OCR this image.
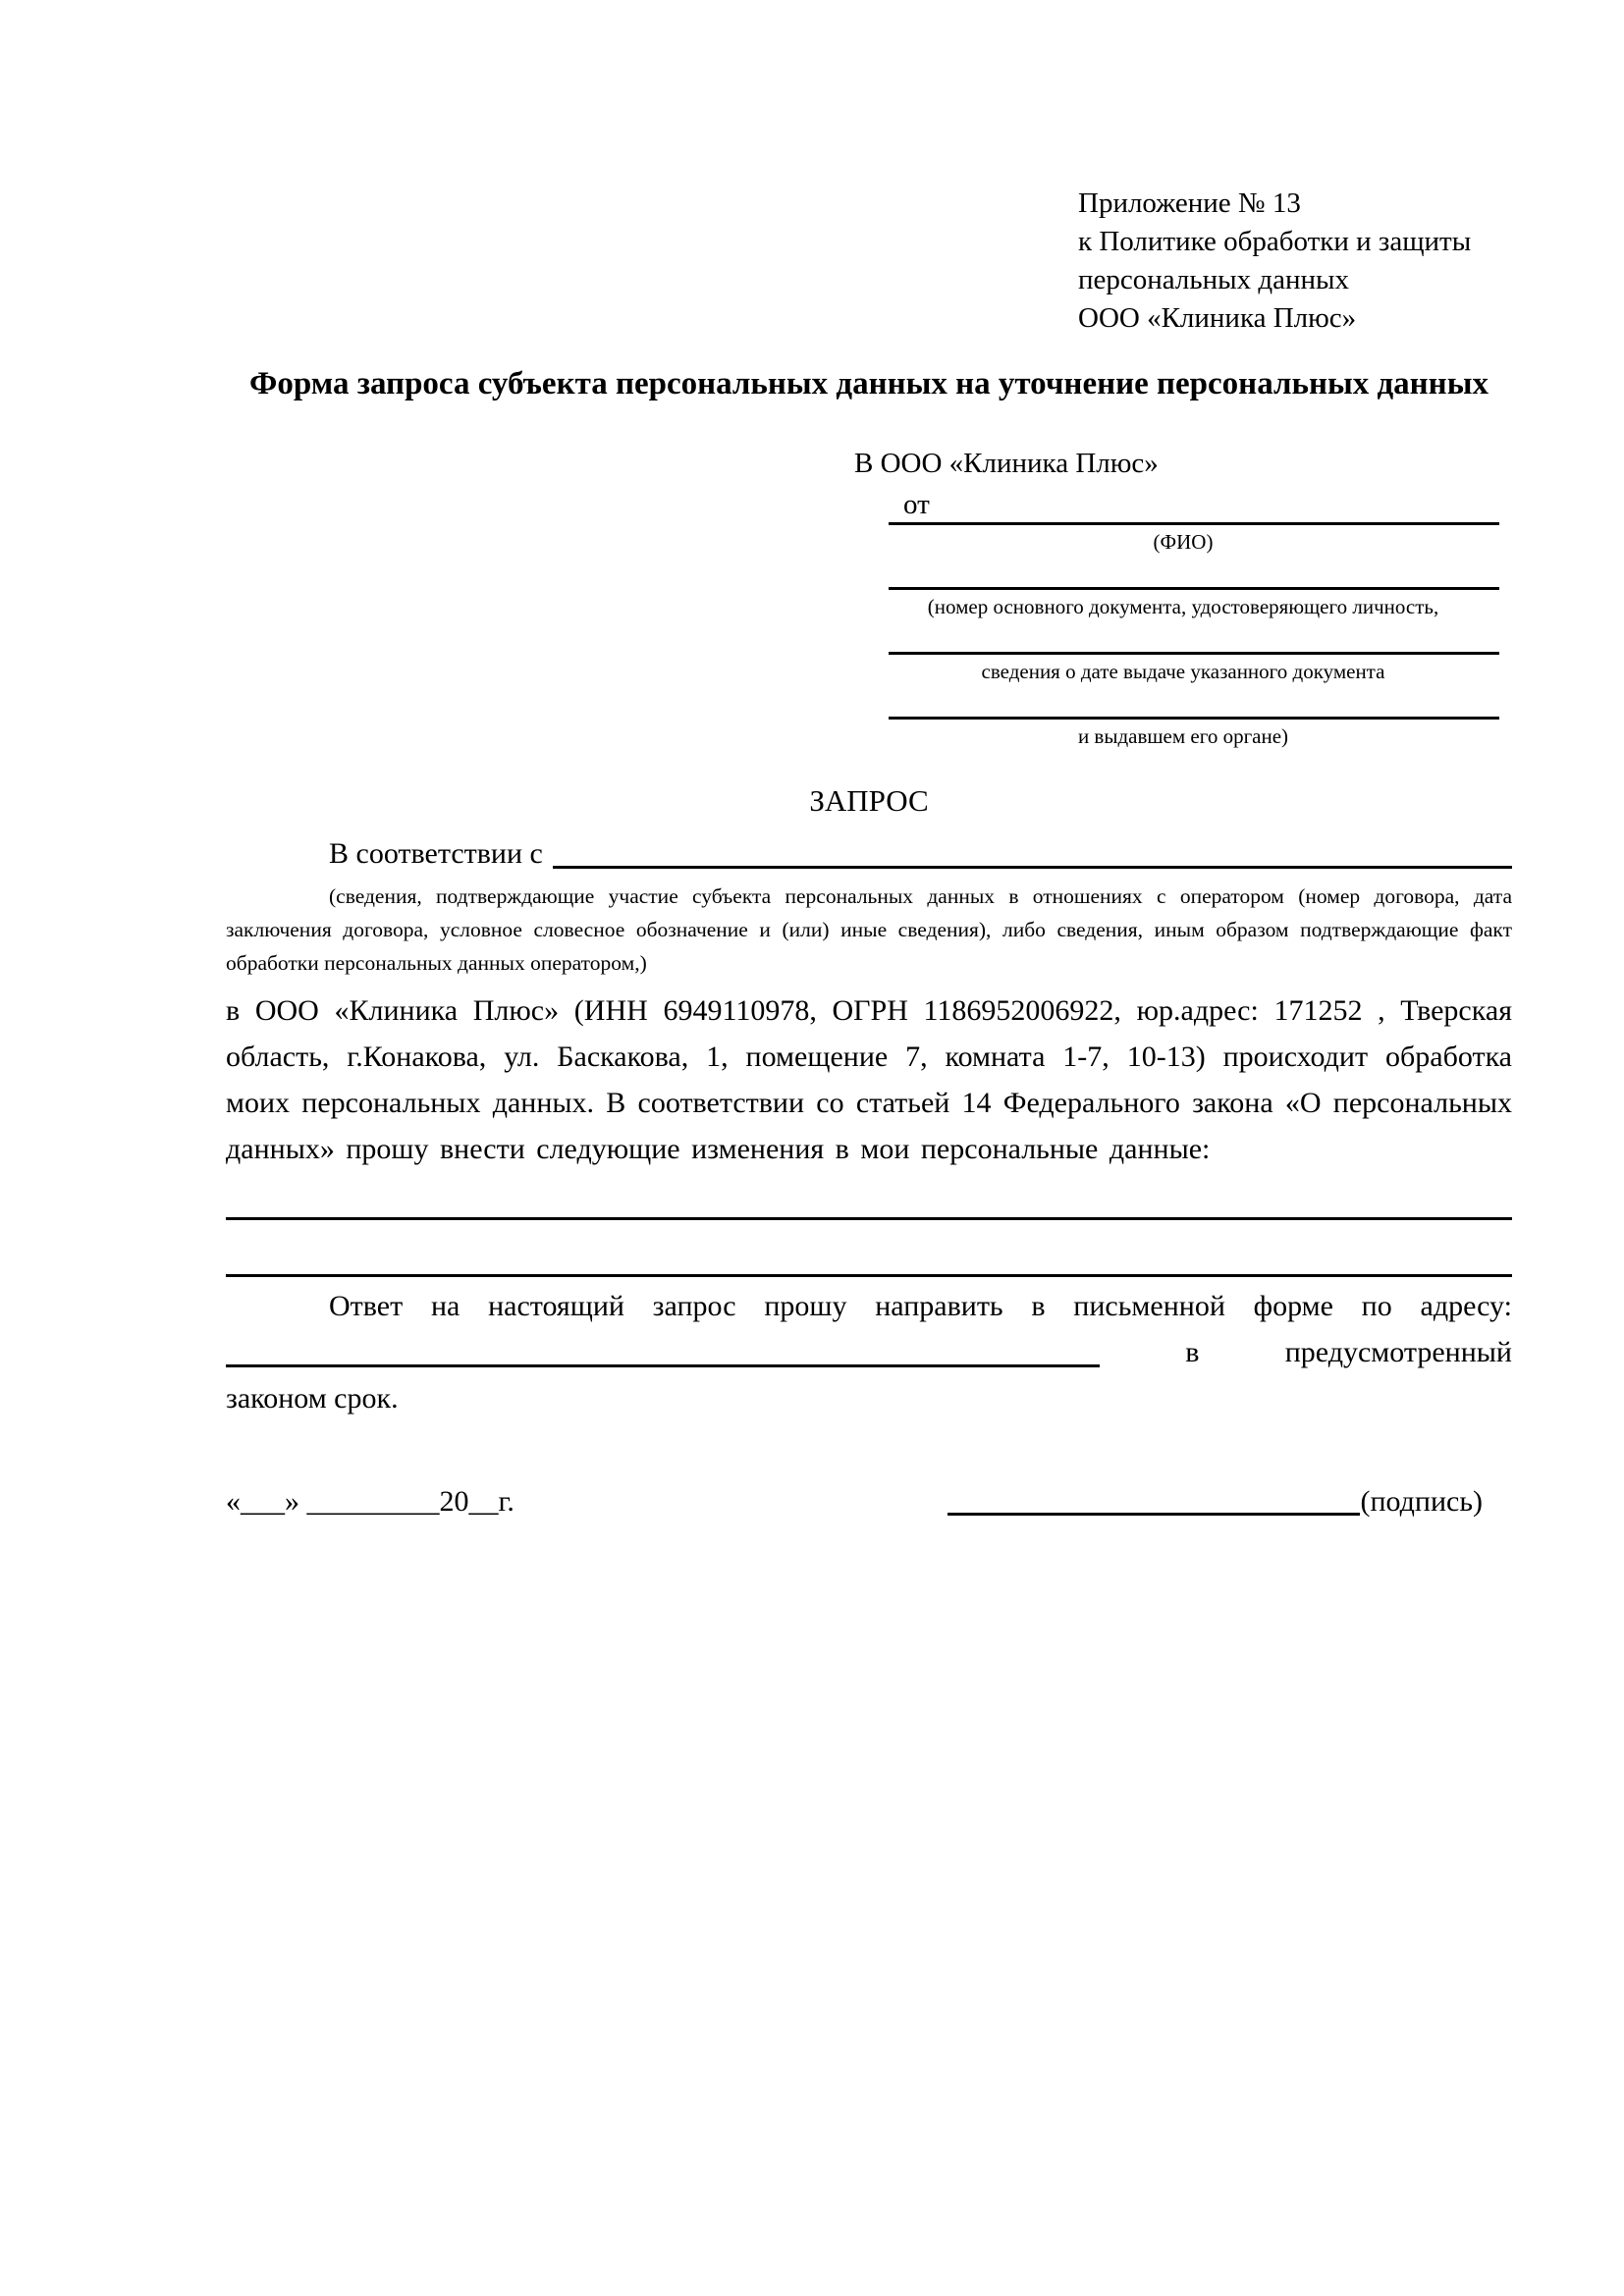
Приложение № 13
к Политике обработки и защиты
персональных данных
ООО «Клиника Плюс»
Форма запроса субъекта персональных данных на уточнение персональных данных
В ООО «Клиника Плюс»
от
(ФИО)
(номер основного документа, удостоверяющего личность,
сведения о дате выдаче указанного документа
и выдавшем его органе)
ЗАПРОС
В соответствии с
(сведения, подтверждающие участие субъекта персональных данных в отношениях с оператором (номер договора, дата заключения договора, условное словесное обозначение и (или) иные сведения), либо сведения, иным образом подтверждающие факт обработки персональных данных оператором,)
в ООО «Клиника Плюс» (ИНН 6949110978, ОГРН 1186952006922, юр.адрес: 171252 , Тверская область, г.Конакова, ул. Баскакова, 1, помещение 7, комната 1-7, 10-13) происходит обработка моих персональных данных. В соответствии со статьей 14 Федерального закона «О персональных данных» прошу внести следующие изменения в мои персональные данные:
Ответ на настоящий запрос прошу направить в письменной форме по адресу:
в	предусмотренный
законом срок.
«___» _________20__г.	(подпись)
